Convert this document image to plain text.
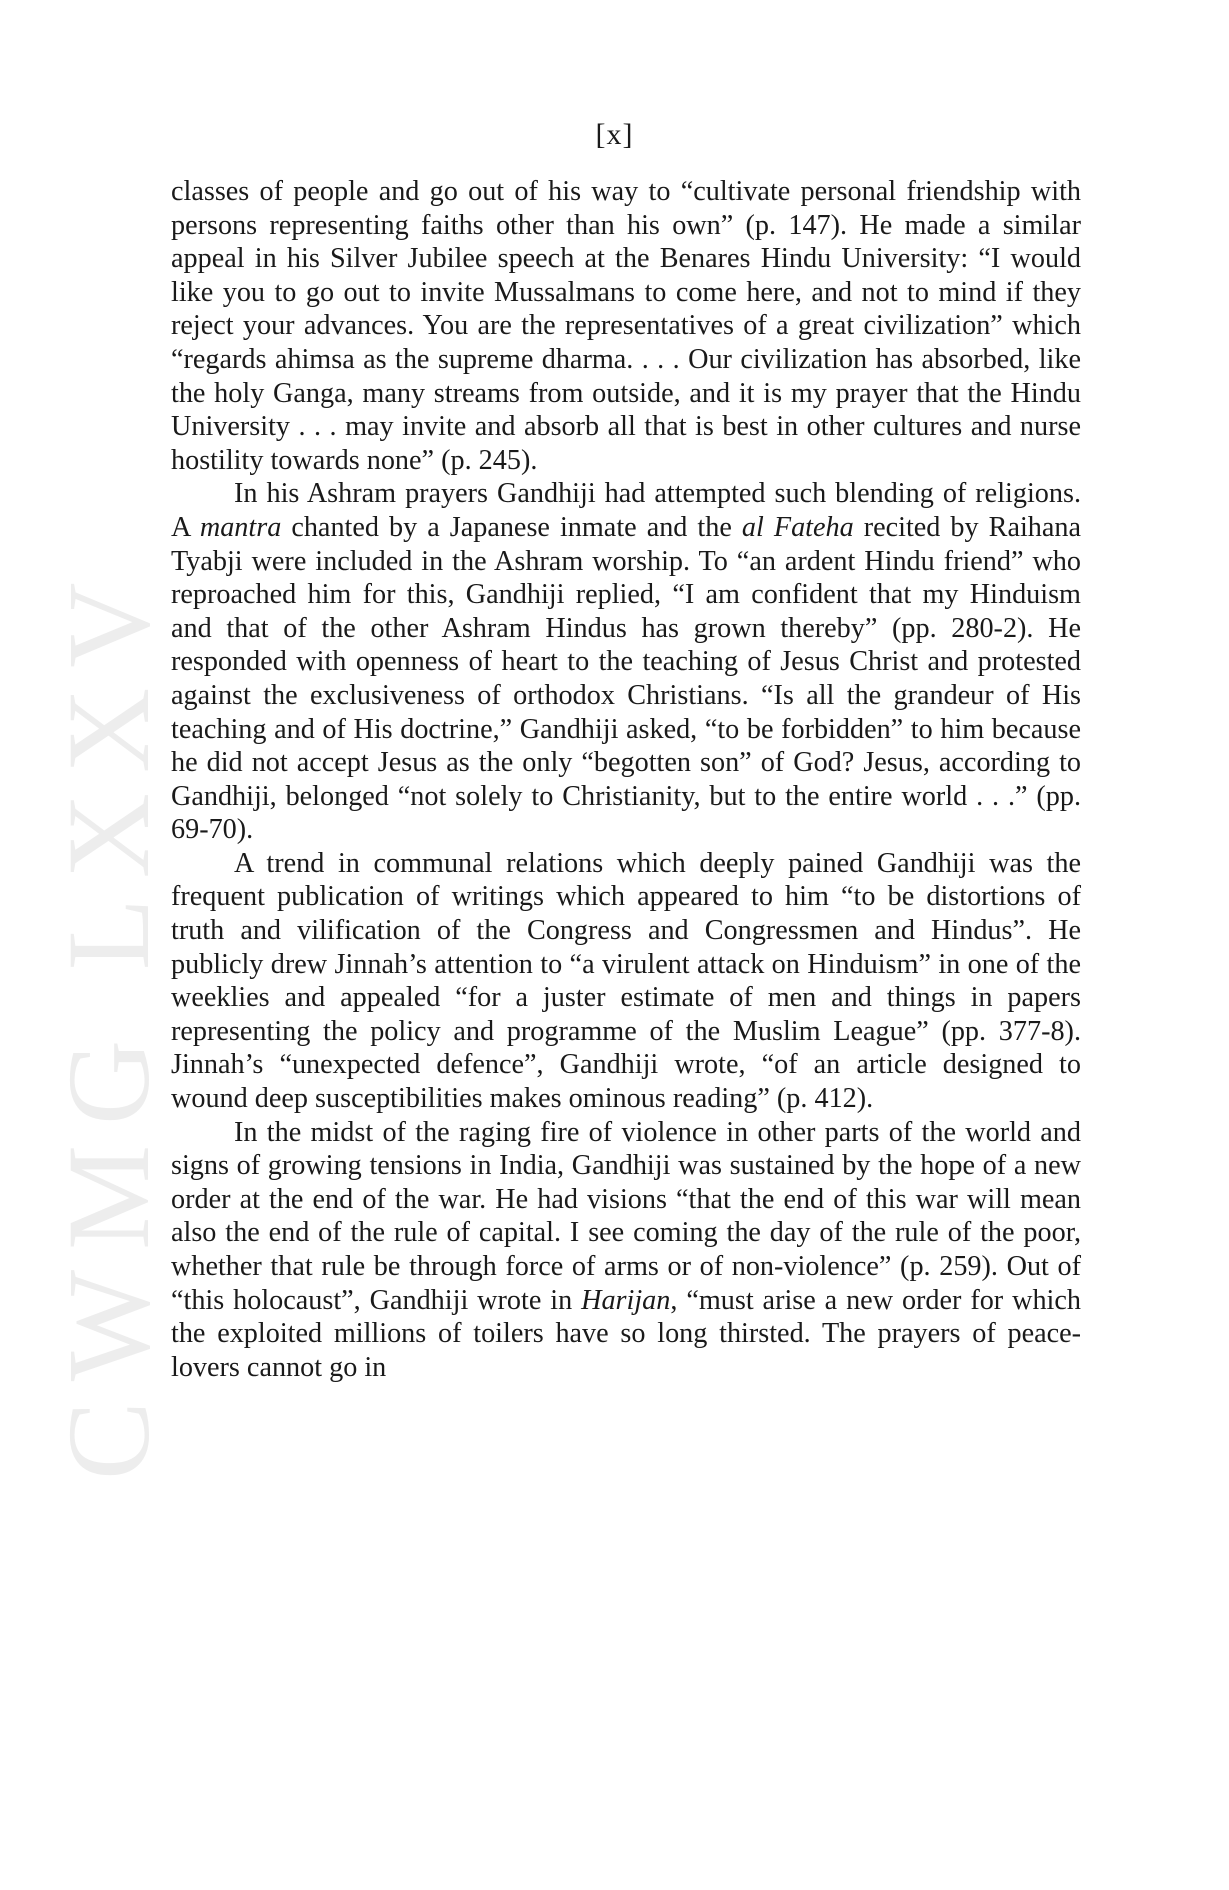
CWMG LXXV
[x]

classes of people and go out of his way to “cultivate personal friendship with persons representing faiths other than his own” (p. 147). He made a similar appeal in his Silver Jubilee speech at the Benares Hindu University: “I would like you to go out to invite Mussalmans to come here, and not to mind if they reject your advances. You are the representatives of a great civilization” which “regards ahimsa as the supreme dharma. . . . Our civilization has absorbed, like the holy Ganga, many streams from outside, and it is my prayer that the Hindu University . . . may invite and absorb all that is best in other cultures and nurse hostility towards none” (p. 245).

In his Ashram prayers Gandhiji had attempted such blending of religions. A mantra chanted by a Japanese inmate and the al Fateha recited by Raihana Tyabji were included in the Ashram worship. To “an ardent Hindu friend” who reproached him for this, Gandhiji replied, “I am confident that my Hinduism and that of the other Ashram Hindus has grown thereby” (pp. 280-2). He responded with openness of heart to the teaching of Jesus Christ and protested against the exclusiveness of orthodox Christians. “Is all the grandeur of His teaching and of His doctrine,” Gandhiji asked, “to be forbidden” to him because he did not accept Jesus as the only “begotten son” of God? Jesus, according to Gandhiji, belonged “not solely to Christianity, but to the entire world . . .” (pp. 69-70).

A trend in communal relations which deeply pained Gandhiji was the frequent publication of writings which appeared to him “to be distortions of truth and vilification of the Congress and Congressmen and Hindus”. He publicly drew Jinnah’s attention to “a virulent attack on Hinduism” in one of the weeklies and appealed “for a juster estimate of men and things in papers representing the policy and programme of the Muslim League” (pp. 377-8). Jinnah’s “unexpected defence”, Gandhiji wrote, “of an article designed to wound deep susceptibilities makes ominous reading” (p. 412).

In the midst of the raging fire of violence in other parts of the world and signs of growing tensions in India, Gandhiji was sustained by the hope of a new order at the end of the war. He had visions “that the end of this war will mean also the end of the rule of capital. I see coming the day of the rule of the poor, whether that rule be through force of arms or of non-violence” (p. 259). Out of “this holocaust”, Gandhiji wrote in Harijan, “must arise a new order for which the exploited millions of toilers have so long thirsted. The prayers of peace-lovers cannot go in
